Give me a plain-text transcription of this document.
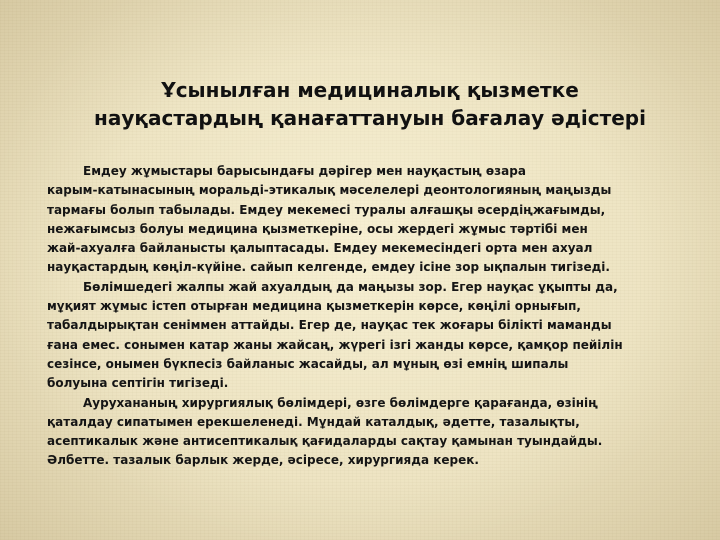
Ұсынылған медициналық қызметке
науқастардың қанағаттануын бағалау әдістері
Емдеу жұмыстары барысындағы дәрігер мен науқастың өзара
карым-катынасының моральді-этикалық мәселелері деонтологияның маңызды
тармағы болып табылады. Емдеу мекемесі туралы алғашқы әсердіңжағымды,
нежағымсыз болуы медицина қызметкеріне, осы жердегі жұмыс тәртібі мен
жай-ахуалға байланысты қалыптасады. Емдеу мекемесіндегі орта мен ахуал
науқастардың көңіл-күйіне. сайып келгенде, емдеу ісіне зор ықпалын тигізеді.
Бөлімшедегі жалпы жай ахуалдың да маңызы зор. Егер науқас ұқыпты да,
мұқият жұмыс істеп отырған медицина қызметкерін көрсе, көңілі орнығып,
табалдырықтан сеніммен аттайды. Егер де, науқас тек жоғары білікті маманды
ғана емес. сонымен катар жаны жайсаң, жүрегі ізгі жанды көрсе, қамқор пейілін
сезінсе, онымен бүкпесіз байланыс жасайды, ал мұның өзі емнің шипалы
болуына септігін тигізеді.
Аурухананың хирургиялық бөлімдері, өзге бөлімдерге қарағанда, өзінің
қаталдау сипатымен ерекшеленеді. Мұндай каталдық, әдетте, тазалықты,
асептикалык және антисептикалық қағидаларды сақтау қамынан туындайды.
Әлбетте. тазалык барлык жерде, әсіресе, хирургияда керек.
